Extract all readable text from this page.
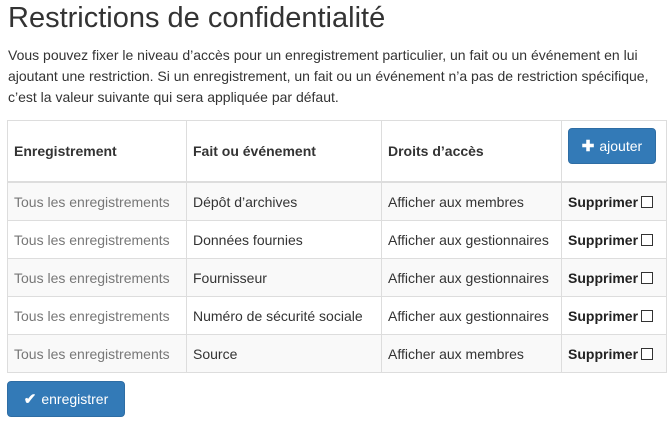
Restrictions de confidentialité

Vous pouvez fixer le niveau d’accès pour un enregistrement particulier, un fait ou un événement en lui ajoutant une restriction. Si un enregistrement, un fait ou un événement n’a pas de restriction spécifique, c’est la valeur suivante qui sera appliquée par défaut.

Enregistrement	Fait ou événement	Droits d’accès	✚ ajouter

Tous les enregistrements	Dépôt d’archives	Afficher aux membres	Supprimer
Tous les enregistrements	Données fournies	Afficher aux gestionnaires	Supprimer
Tous les enregistrements	Fournisseur	Afficher aux gestionnaires	Supprimer
Tous les enregistrements	Numéro de sécurité sociale	Afficher aux gestionnaires	Supprimer
Tous les enregistrements	Source	Afficher aux membres	Supprimer
✔ enregistrer
